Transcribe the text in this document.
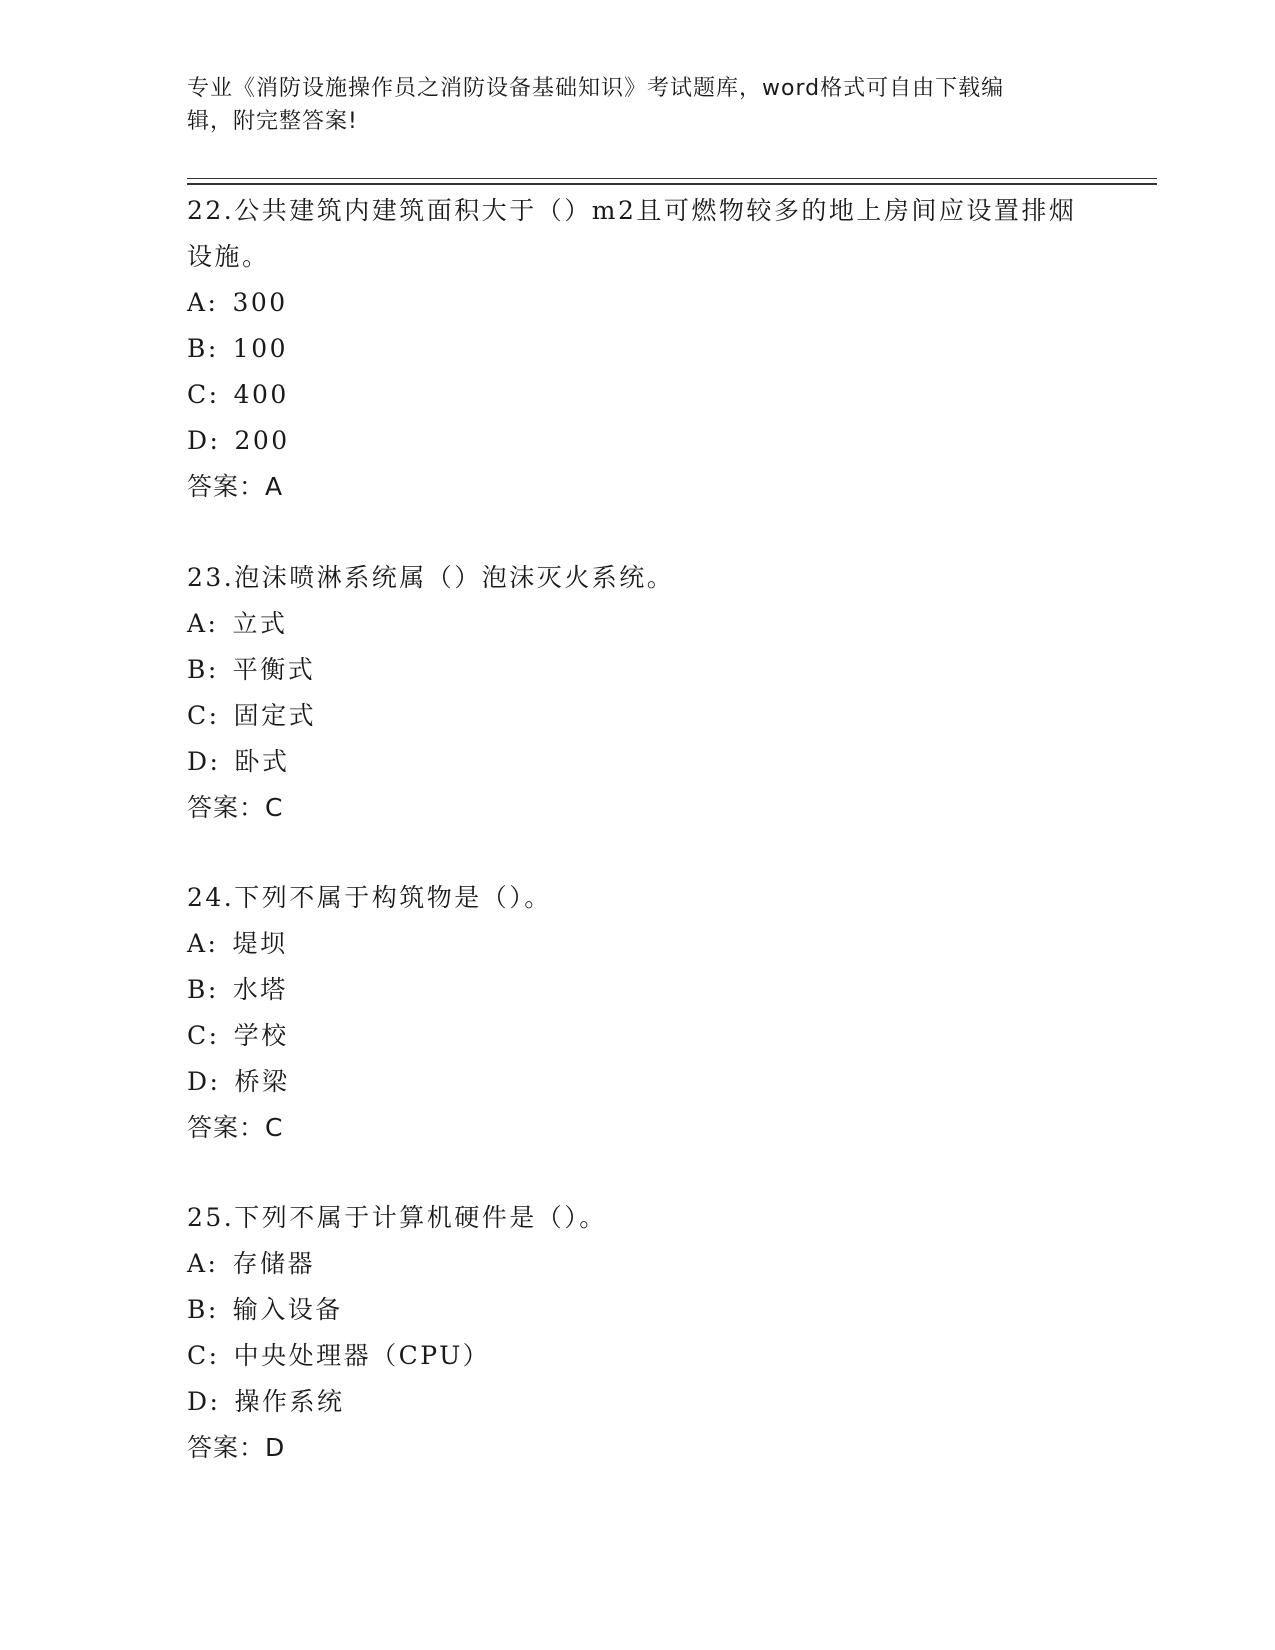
专业《消防设施操作员之消防设备基础知识》考试题库，word格式可自由下载编
辑，附完整答案!

22.公共建筑内建筑面积大于（）m2且可燃物较多的地上房间应设置排烟设施。

A: 300

B: 100

C: 400

D: 200

答案：A

23.泡沫喷淋系统属（）泡沫灭火系统。

A: 立式

B: 平衡式

C: 固定式

D: 卧式

答案：C

24.下列不属于构筑物是（）。

A: 堤坝

B: 水塔

C: 学校

D: 桥梁

答案：C

25.下列不属于计算机硬件是（）。

A: 存储器

B: 输入设备

C: 中央处理器（CPU）

D: 操作系统

答案：D
